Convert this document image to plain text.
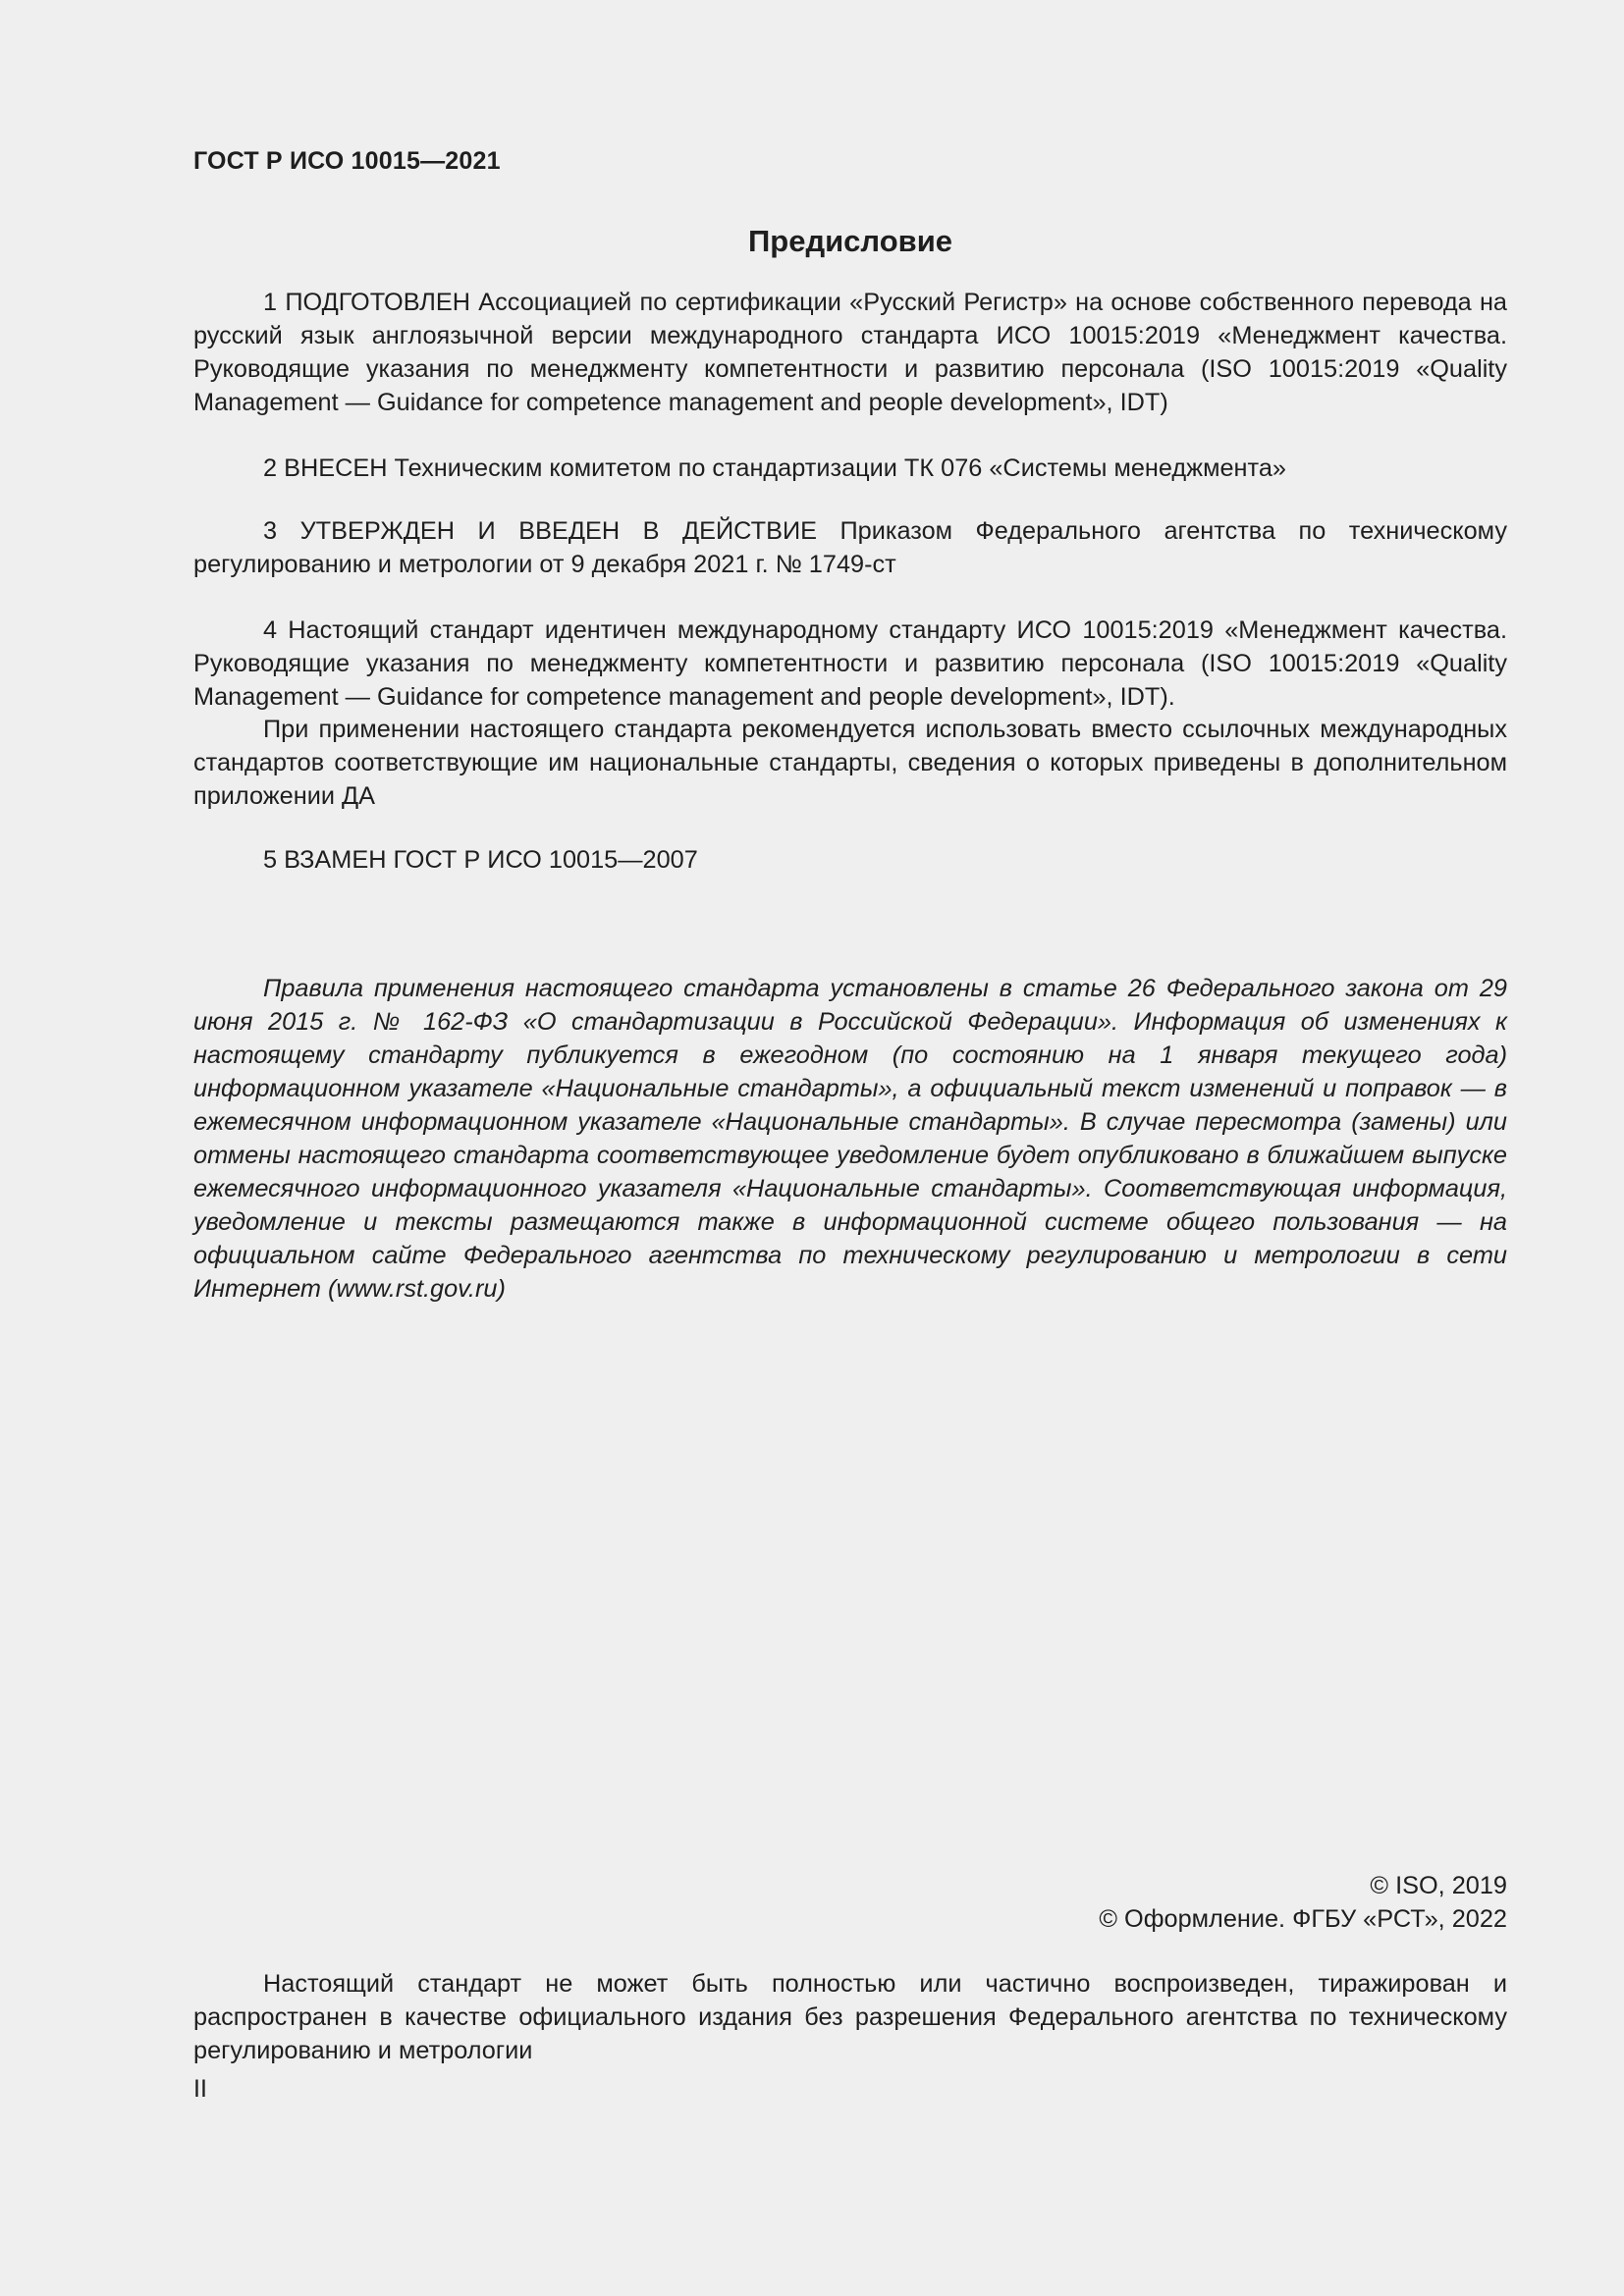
ГОСТ Р ИСО 10015—2021
Предисловие

1 ПОДГОТОВЛЕН Ассоциацией по сертификации «Русский Регистр» на основе собственного перевода на русский язык англоязычной версии международного стандарта ИСО 10015:2019 «Менеджмент качества. Руководящие указания по менеджменту компетентности и развитию персонала (ISO 10015:2019 «Quality Management — Guidance for competence management and people development», IDT)

2 ВНЕСЕН Техническим комитетом по стандартизации ТК 076 «Системы менеджмента»

3 УТВЕРЖДЕН И ВВЕДЕН В ДЕЙСТВИЕ Приказом Федерального агентства по техническому регулированию и метрологии от 9 декабря 2021 г. № 1749-ст

4 Настоящий стандарт идентичен международному стандарту ИСО 10015:2019 «Менеджмент качества. Руководящие указания по менеджменту компетентности и развитию персонала (ISO 10015:2019 «Quality Management — Guidance for competence management and people development», IDT).

При применении настоящего стандарта рекомендуется использовать вместо ссылочных международных стандартов соответствующие им национальные стандарты, сведения о которых приведены в дополнительном приложении ДА

5 ВЗАМЕН ГОСТ Р ИСО 10015—2007

Правила применения настоящего стандарта установлены в статье 26 Федерального закона от 29 июня 2015 г. № 162-ФЗ «О стандартизации в Российской Федерации». Информация об изменениях к настоящему стандарту публикуется в ежегодном (по состоянию на 1 января текущего года) информационном указателе «Национальные стандарты», а официальный текст изменений и поправок — в ежемесячном информационном указателе «Национальные стандарты». В случае пересмотра (замены) или отмены настоящего стандарта соответствующее уведомление будет опубликовано в ближайшем выпуске ежемесячного информационного указателя «Национальные стандарты». Соответствующая информация, уведомление и тексты размещаются также в информационной системе общего пользования — на официальном сайте Федерального агентства по техническому регулированию и метрологии в сети Интернет (www.rst.gov.ru)

© ISO, 2019
© Оформление. ФГБУ «РСТ», 2022

Настоящий стандарт не может быть полностью или частично воспроизведен, тиражирован и распространен в качестве официального издания без разрешения Федерального агентства по техническому регулированию и метрологии

II
